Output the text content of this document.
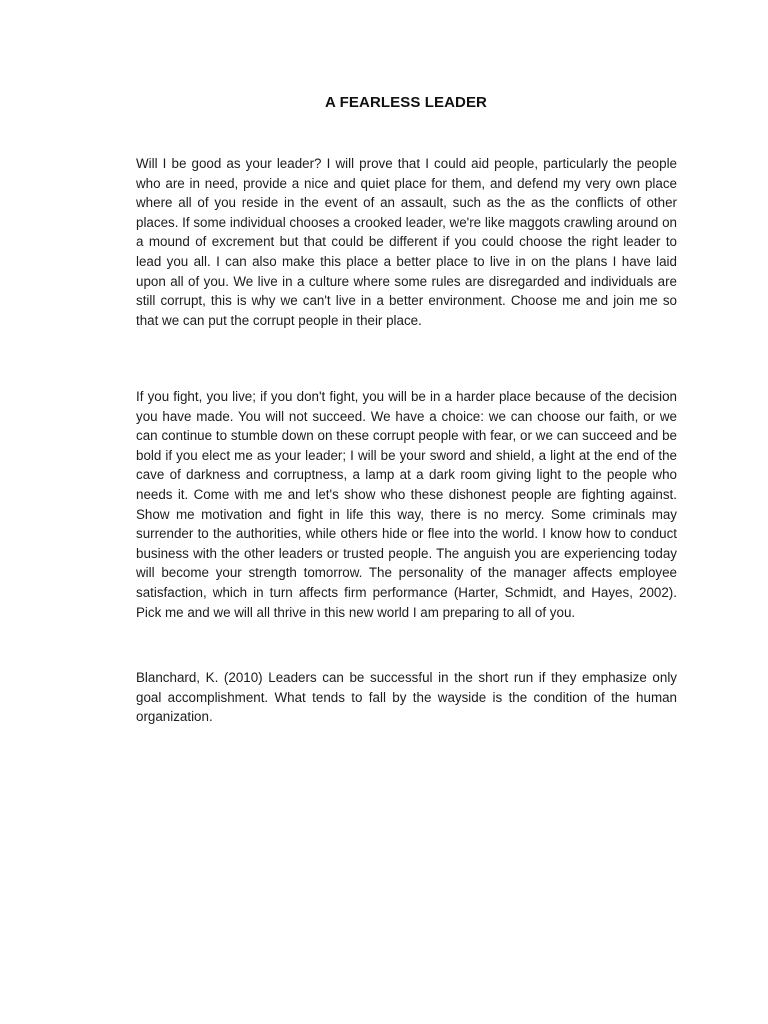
A FEARLESS LEADER

Will I be good as your leader? I will prove that I could aid people, particularly the people who are in need, provide a nice and quiet place for them, and defend my very own place where all of you reside in the event of an assault, such as the as the conflicts of other places. If some individual chooses a crooked leader, we're like maggots crawling around on a mound of excrement but that could be different if you could choose the right leader to lead you all. I can also make this place a better place to live in on the plans I have laid upon all of you. We live in a culture where some rules are disregarded and individuals are still corrupt, this is why we can't live in a better environment. Choose me and join me so that we can put the corrupt people in their place.

If you fight, you live; if you don't fight, you will be in a harder place because of the decision you have made. You will not succeed. We have a choice: we can choose our faith, or we can continue to stumble down on these corrupt people with fear, or we can succeed and be bold if you elect me as your leader; I will be your sword and shield, a light at the end of the cave of darkness and corruptness, a lamp at a dark room giving light to the people who needs it. Come with me and let's show who these dishonest people are fighting against. Show me motivation and fight in life this way, there is no mercy. Some criminals may surrender to the authorities, while others hide or flee into the world. I know how to conduct business with the other leaders or trusted people. The anguish you are experiencing today will become your strength tomorrow. The personality of the manager affects employee satisfaction, which in turn affects firm performance (Harter, Schmidt, and Hayes, 2002). Pick me and we will all thrive in this new world I am preparing to all of you.

Blanchard, K. (2010) Leaders can be successful in the short run if they emphasize only goal accomplishment. What tends to fall by the wayside is the condition of the human organization.
